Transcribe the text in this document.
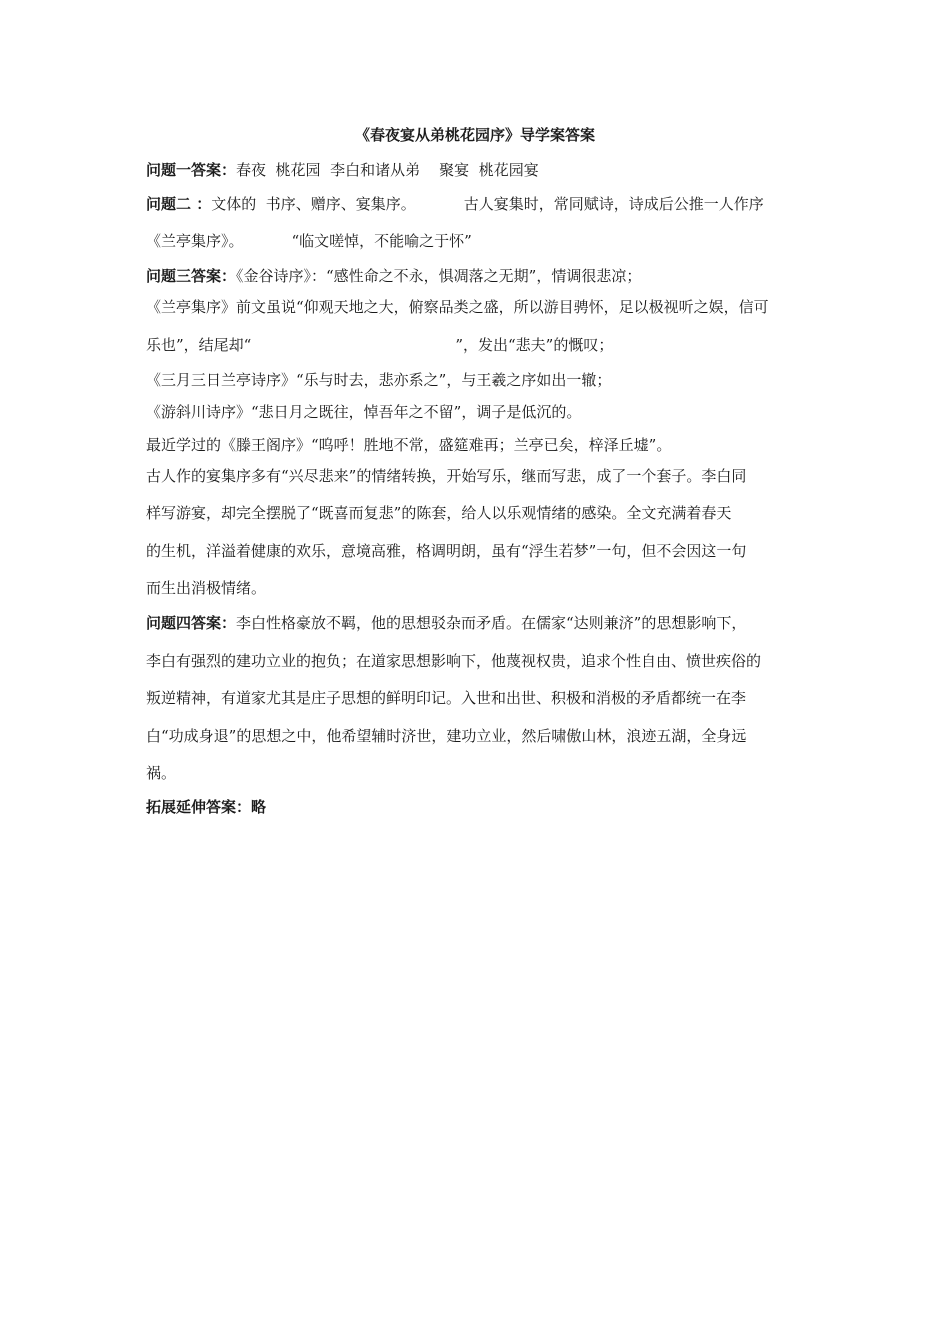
《春夜宴从弟桃花园序》导学案答案
问题一答案：春夜  桃花园  李白和诸从弟    聚宴  桃花园宴
问题二 ：文体的  书序、赠序、宴集序。	古人宴集时，常同赋诗，诗成后公推一人作序
《兰亭集序》。	“临文嗟悼，不能喻之于怀”
问题三答案：《金谷诗序》：“感性命之不永，惧凋落之无期”，情调很悲凉；
《兰亭集序》前文虽说“仰观天地之大，俯察品类之盛，所以游目骋怀，足以极视听之娱，信可
乐也”，结尾却“	”，发出“悲夫”的慨叹；
《三月三日兰亭诗序》“乐与时去，悲亦系之”，与王羲之序如出一辙；
《游斜川诗序》“悲日月之既往，悼吾年之不留”，调子是低沉的。
最近学过的《滕王阁序》“呜呼！胜地不常，盛筵难再；兰亭已矣，梓泽丘墟”。
古人作的宴集序多有“兴尽悲来”的情绪转换，开始写乐，继而写悲，成了一个套子。李白同
样写游宴，却完全摆脱了“既喜而复悲”的陈套，给人以乐观情绪的感染。全文充满着春天
的生机，洋溢着健康的欢乐，意境高雅，格调明朗，虽有“浮生若梦”一句，但不会因这一句
而生出消极情绪。
问题四答案：李白性格豪放不羁，他的思想驳杂而矛盾。在儒家“达则兼济”的思想影响下，
李白有强烈的建功立业的抱负；在道家思想影响下，他蔑视权贵，追求个性自由、愤世疾俗的
叛逆精神，有道家尤其是庄子思想的鲜明印记。入世和出世、积极和消极的矛盾都统一在李
白“功成身退”的思想之中，他希望辅时济世，建功立业，然后啸傲山林，浪迹五湖，全身远
祸。
拓展延伸答案：略
